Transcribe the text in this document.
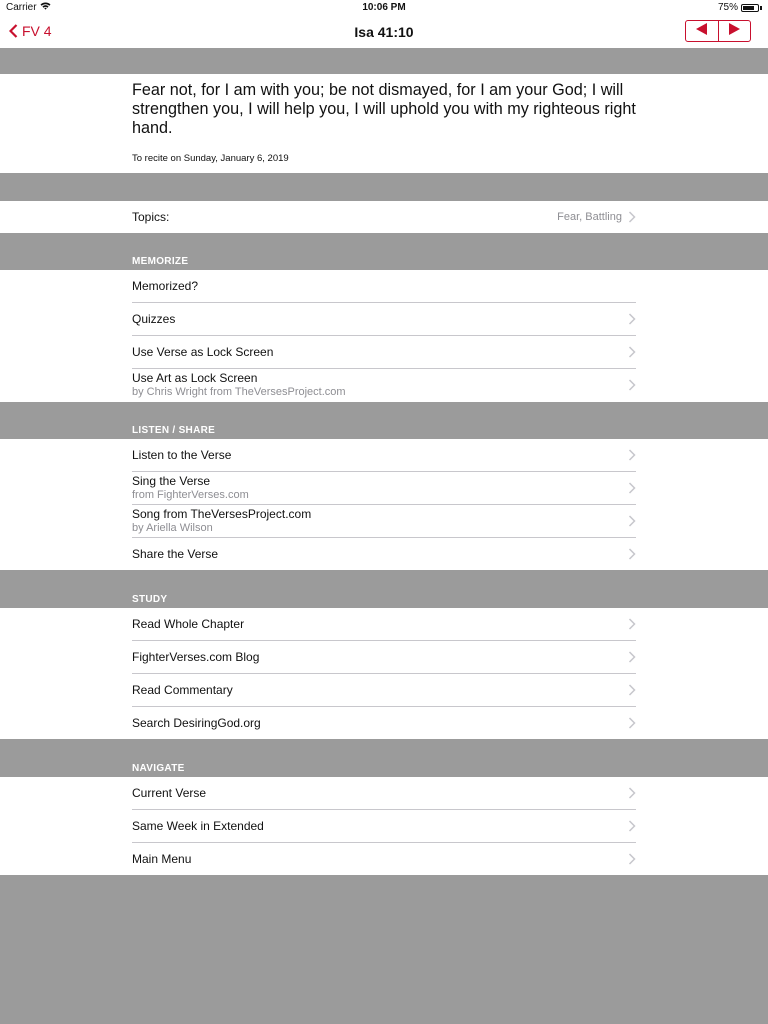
Carrier	10:06 PM	75%
FV 4	Isa 41:10
Fear not, for I am with you; be not dismayed, for I am your God; I will strengthen you, I will help you, I will uphold you with my righteous right hand.
To recite on Sunday, January 6, 2019
Topics:	Fear, Battling
MEMORIZE
Memorized?
Quizzes
Use Verse as Lock Screen
Use Art as Lock Screen
by Chris Wright from TheVersesProject.com
LISTEN / SHARE
Listen to the Verse
Sing the Verse
from FighterVerses.com
Song from TheVersesProject.com
by Ariella Wilson
Share the Verse
STUDY
Read Whole Chapter
FighterVerses.com Blog
Read Commentary
Search DesiringGod.org
NAVIGATE
Current Verse
Same Week in Extended
Main Menu
